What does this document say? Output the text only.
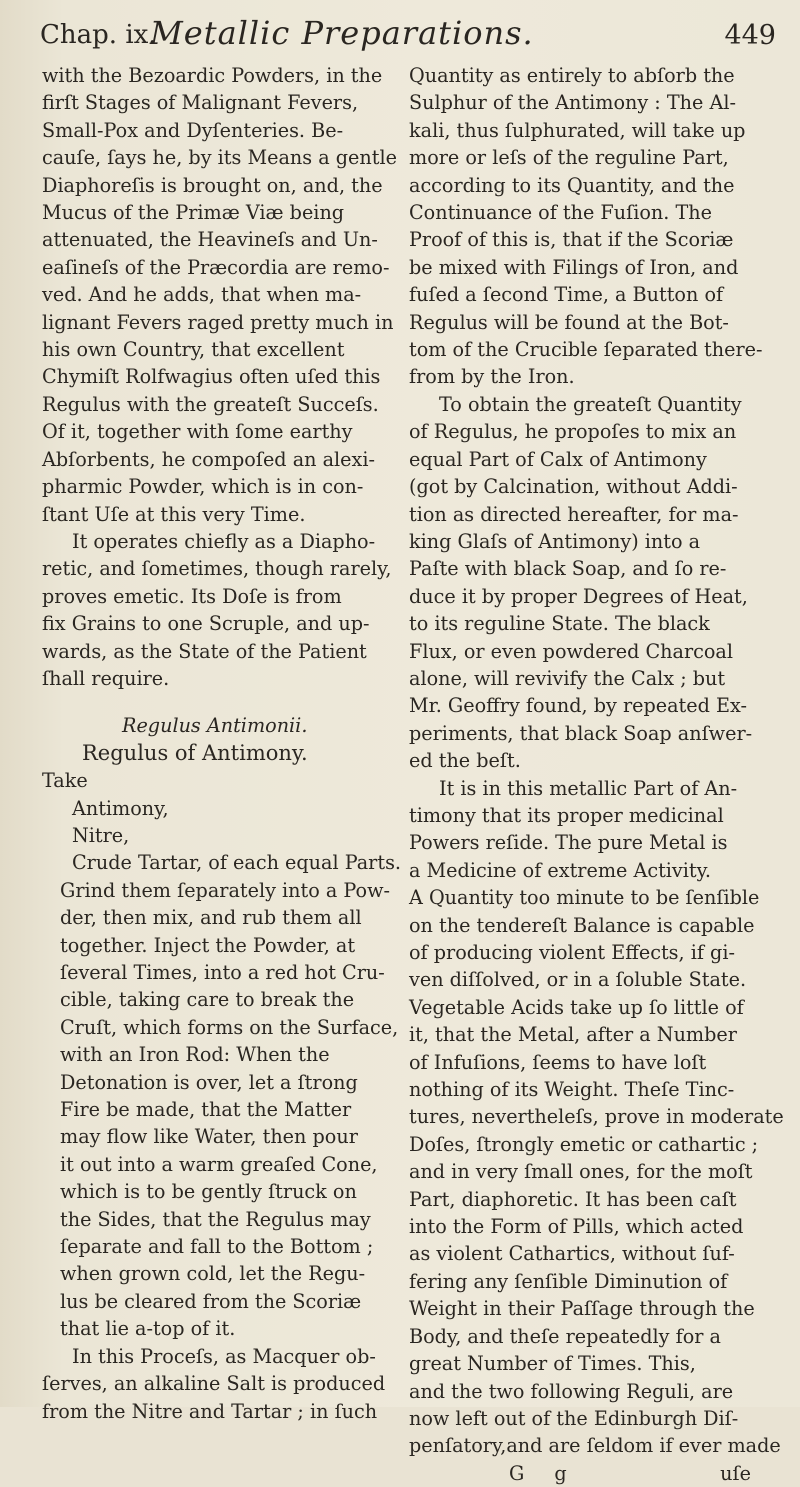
Chap. ix.
Metallic Preparations.	449
with the Bezoardic Powders, in the
firſt Stages of Malignant Fevers,
Small-Pox and Dyſenteries. Be-
cauſe, ſays he, by its Means a gentle
Diaphoreſis is brought on, and, the
Mucus of the Primæ Viæ being
attenuated, the Heavineſs and Un-
eaſineſs of the Præcordia are remo-
ved. And he adds, that when ma-
lignant Fevers raged pretty much in
his own Country, that excellent
Chymiſt Rolfwagius often uſed this
Regulus with the greateſt Succeſs.
Of it, together with ſome earthy
Abſorbents, he compoſed an alexi-
pharmic Powder, which is in con-
ſtant Uſe at this very Time.
It operates chiefly as a Diapho-
retic, and ſometimes, though rarely,
proves emetic. Its Doſe is from
fix Grains to one Scruple, and up-
wards, as the State of the Patient
ſhall require.
Regulus Antimonii.
Regulus of Antimony.
Take
Antimony,
Nitre,
Crude Tartar, of each equal Parts.
Grind them ſeparately into a Pow-
der, then mix, and rub them all
together. Inject the Powder, at
ſeveral Times, into a red hot Cru-
cible, taking care to break the
Cruſt, which forms on the Surface,
with an Iron Rod: When the
Detonation is over, let a ſtrong
Fire be made, that the Matter
may flow like Water, then pour
it out into a warm greaſed Cone,
which is to be gently ſtruck on
the Sides, that the Regulus may
ſeparate and fall to the Bottom ;
when grown cold, let the Regu-
lus be cleared from the Scoriæ
that lie a-top of it.
In this Proceſs, as Macquer ob-
ſerves, an alkaline Salt is produced
from the Nitre and Tartar ; in ſuch
Quantity as entirely to abſorb the
Sulphur of the Antimony : The Al-
kali, thus ſulphurated, will take up
more or leſs of the reguline Part,
according to its Quantity, and the
Continuance of the Fuſion. The
Proof of this is, that if the Scoriæ
be mixed with Filings of Iron, and
fuſed a ſecond Time, a Button of
Regulus will be found at the Bot-
tom of the Crucible ſeparated there-
from by the Iron.
To obtain the greateſt Quantity
of Regulus, he propoſes to mix an
equal Part of Calx of Antimony
(got by Calcination, without Addi-
tion as directed hereafter, for ma-
king Glaſs of Antimony) into a
Paſte with black Soap, and ſo re-
duce it by proper Degrees of Heat,
to its reguline State. The black
Flux, or even powdered Charcoal
alone, will revivify the Calx ; but
Mr. Geoffry found, by repeated Ex-
periments, that black Soap anſwer-
ed the beſt.
It is in this metallic Part of An-
timony that its proper medicinal
Powers reſide. The pure Metal is
a Medicine of extreme Activity.
A Quantity too minute to be ſenſible
on the tendereſt Balance is capable
of producing violent Effects, if gi-
ven diſſolved, or in a ſoluble State.
Vegetable Acids take up ſo little of
it, that the Metal, after a Number
of Infuſions, ſeems to have loſt
nothing of its Weight. Theſe Tinc-
tures, nevertheleſs, prove in moderate
Doſes, ſtrongly emetic or cathartic ;
and in very ſmall ones, for the moſt
Part, diaphoretic. It has been caſt
into the Form of Pills, which acted
as violent Cathartics, without ſuf-
fering any ſenſible Diminution of
Weight in their Paſſage through the
Body, and theſe repeatedly for a
great Number of Times. This,
and the two following Reguli, are
now left out of the Edinburgh Diſ-
penſatory,and are ſeldom if ever made
G g	uſe
